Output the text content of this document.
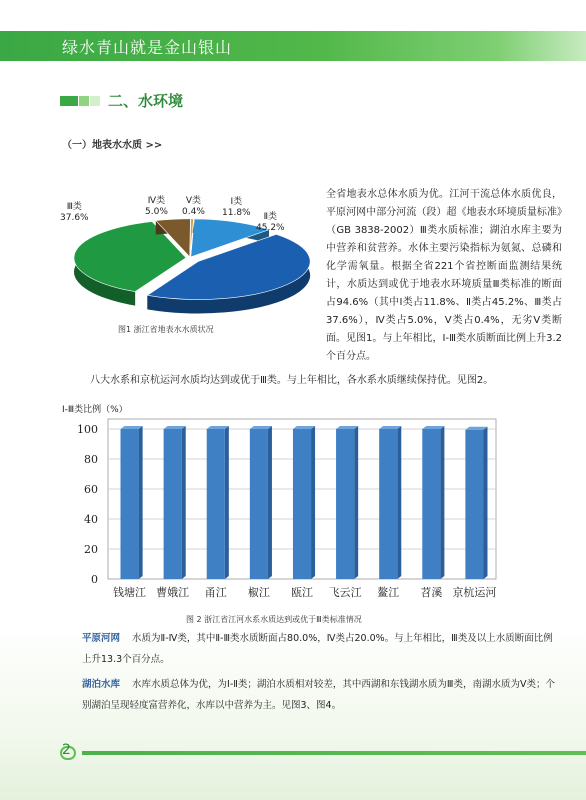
绿水青山就是金山银山
二、水环境
（一）地表水水质 >>
Ⅲ类
37.6%
Ⅳ类
5.0%
Ⅴ类
0.4%
Ⅰ类
11.8%	Ⅱ类
45.2%
图1 浙江省地表水水质状况
全省地表水总体水质为优。江河干流总体水质优良，平原河网中部分河流（段）超《地表水环境质量标准》（GB 3838-2002）Ⅲ类水质标准；湖泊水库主要为中营养和贫营养。水体主要污染指标为氨氮、总磷和化学需氧量。根据全省221个省控断面监测结果统计，水质达到或优于地表水环境质量Ⅲ类标准的断面占94.6%（其中Ⅰ类占11.8%、Ⅱ类占45.2%、Ⅲ类占37.6%），Ⅳ类占5.0%，Ⅴ类占0.4%，无劣Ⅴ类断面。见图1。与上年相比，Ⅰ-Ⅲ类水质断面比例上升3.2个百分点。
八大水系和京杭运河水质均达到或优于Ⅲ类。与上年相比，各水系水质继续保持优。见图2。
Ⅰ-Ⅲ类比例（%）
0
20
40
60
80
100
钱塘江 曹娥江 甬江 椒江 瓯江 飞云江 鳌江 苕溪 京杭运河
图 2 浙江省江河水系水质达到或优于Ⅲ类标准情况
平原河网 水质为Ⅱ-Ⅳ类，其中Ⅱ-Ⅲ类水质断面占80.0%，Ⅳ类占20.0%。与上年相比，Ⅲ类及以上水质断面比例上升13.3个百分点。
湖泊水库 水库水质总体为优，为Ⅰ-Ⅱ类；湖泊水质相对较差，其中西湖和东钱湖水质为Ⅲ类，南湖水质为Ⅴ类；个别湖泊呈现轻度富营养化，水库以中营养为主。见图3、图4。
2
